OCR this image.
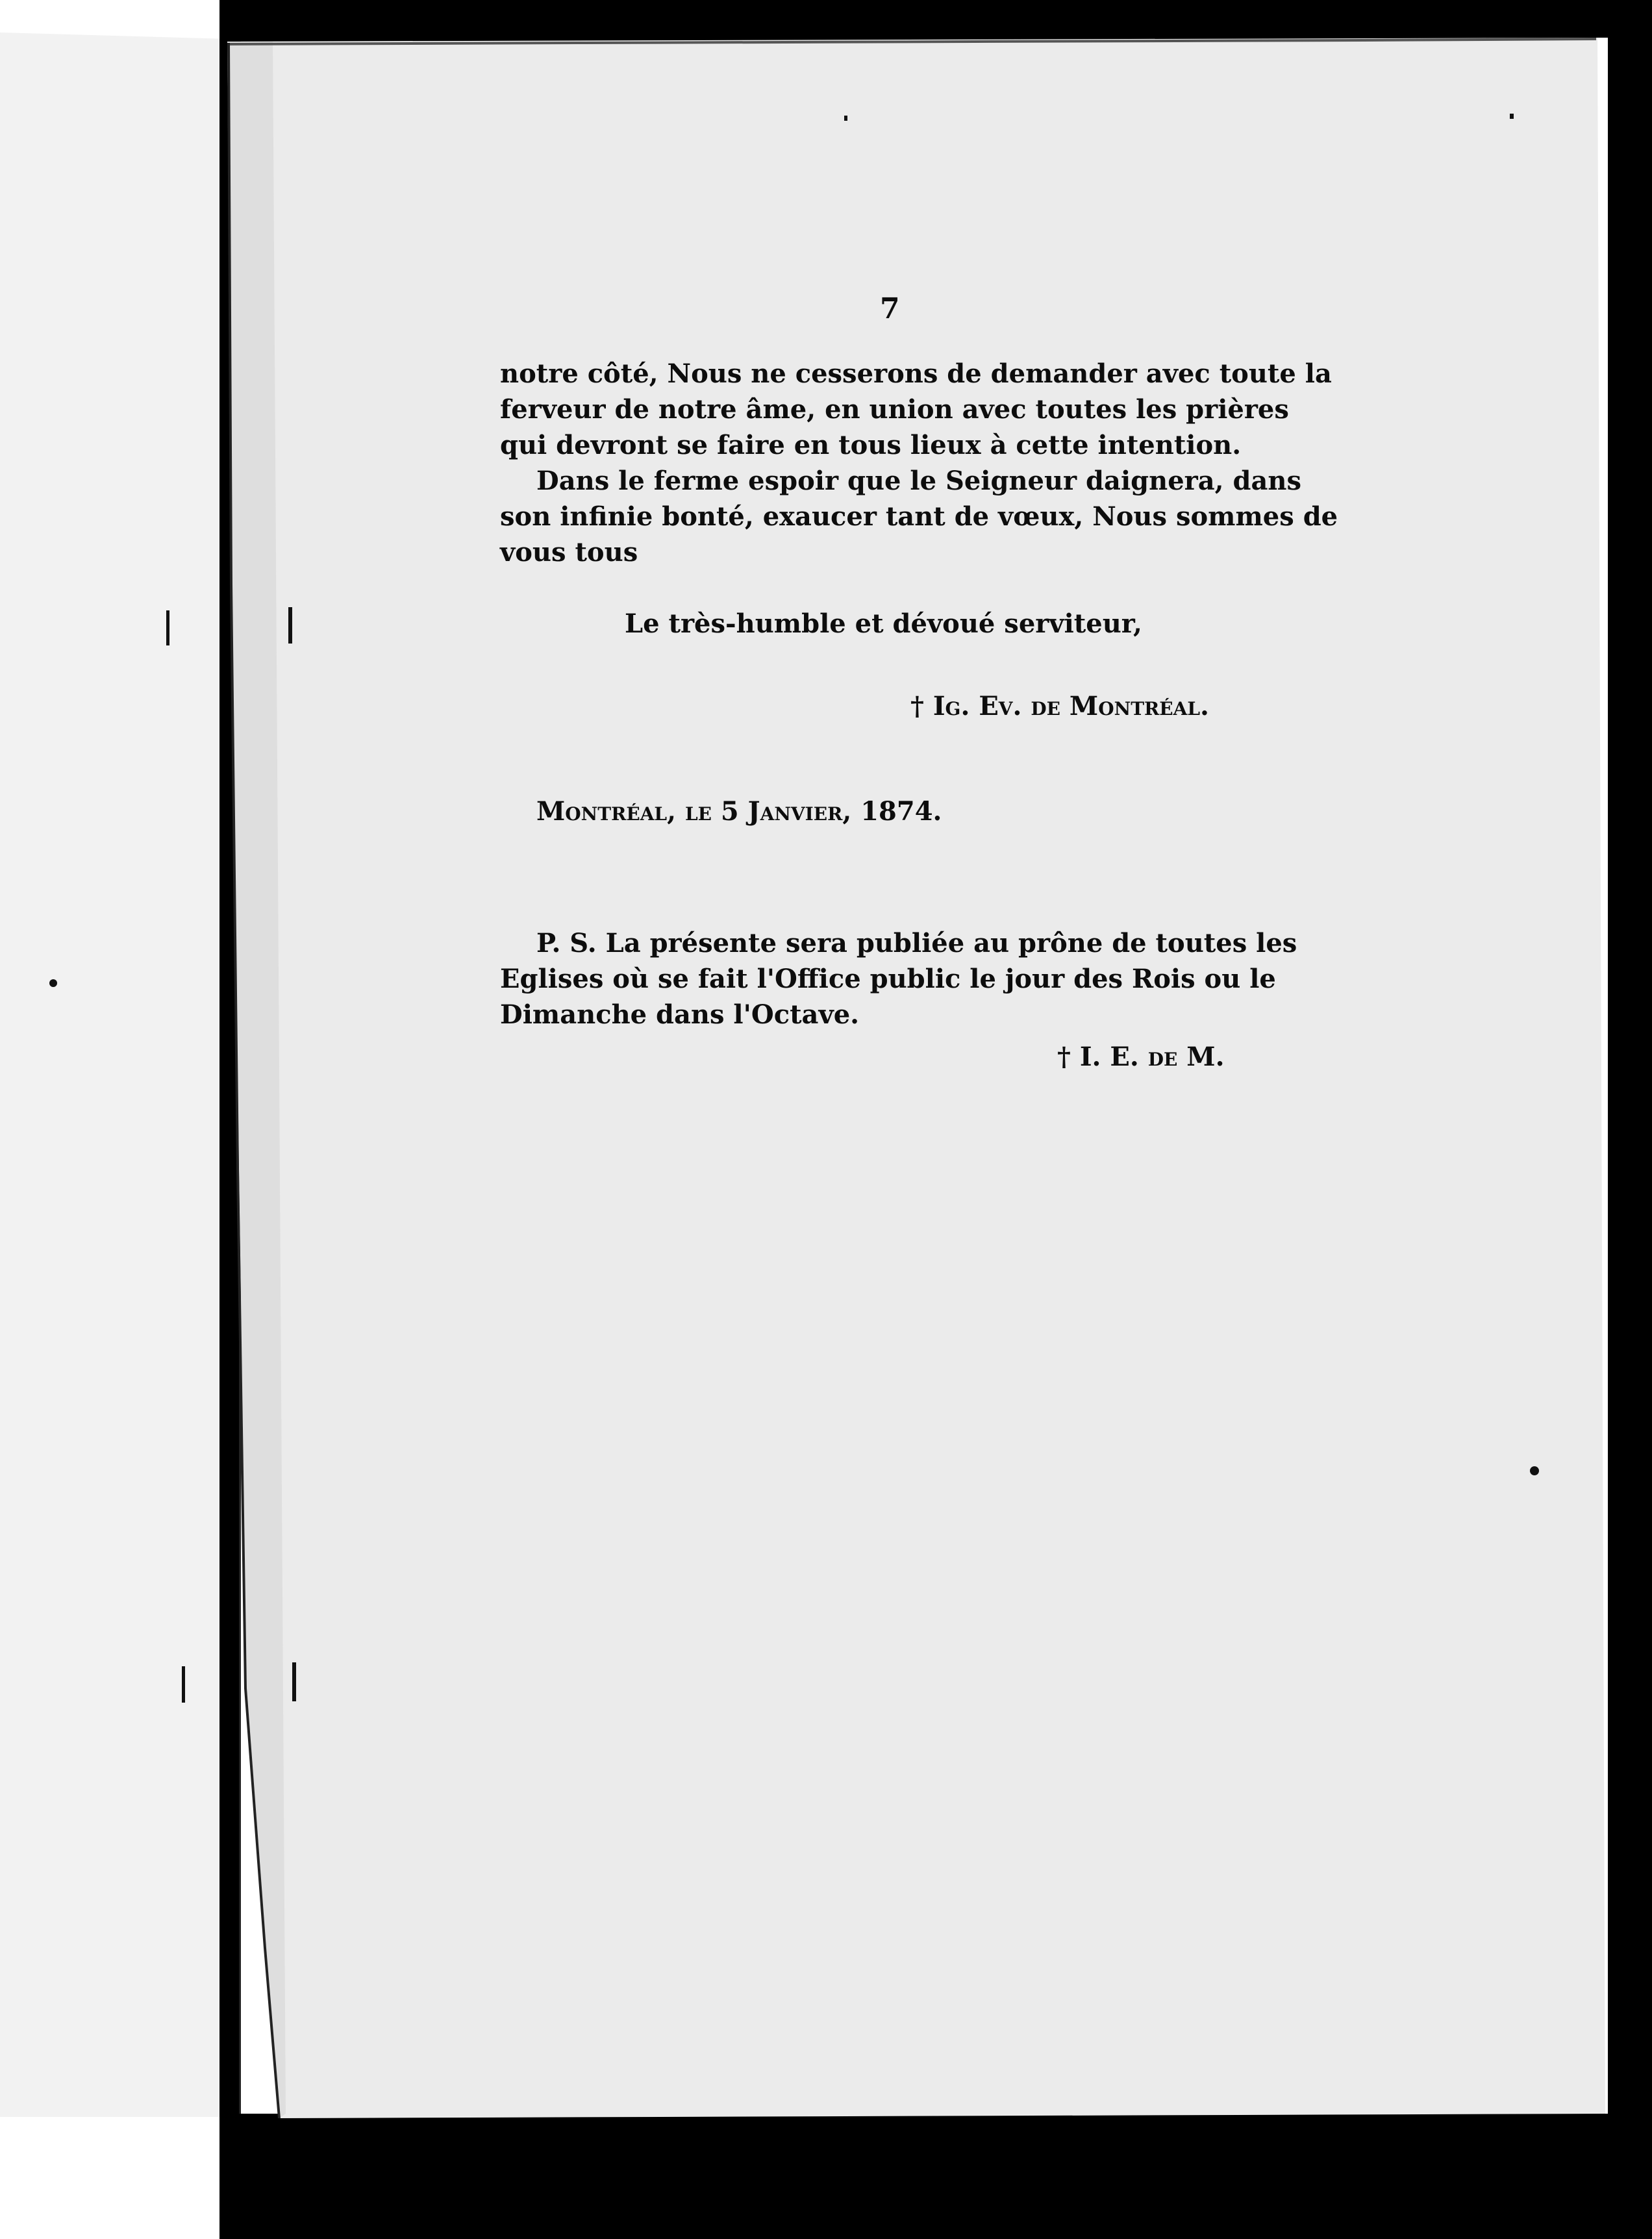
7
notre côté, Nous ne cesserons de demander avec toute la
ferveur de notre âme, en union avec toutes les prières
qui devront se faire en tous lieux à cette intention.
Dans le ferme espoir que le Seigneur daignera, dans
son infinie bonté, exaucer tant de vœux, Nous sommes de
vous tous
Le très-humble et dévoué serviteur,
† Ig. Ev. de Montréal.
Montréal, le 5 Janvier, 1874.
P. S. La présente sera publiée au prône de toutes les
Eglises où se fait l'Office public le jour des Rois ou le
Dimanche dans l'Octave.
† I. E. de M.
